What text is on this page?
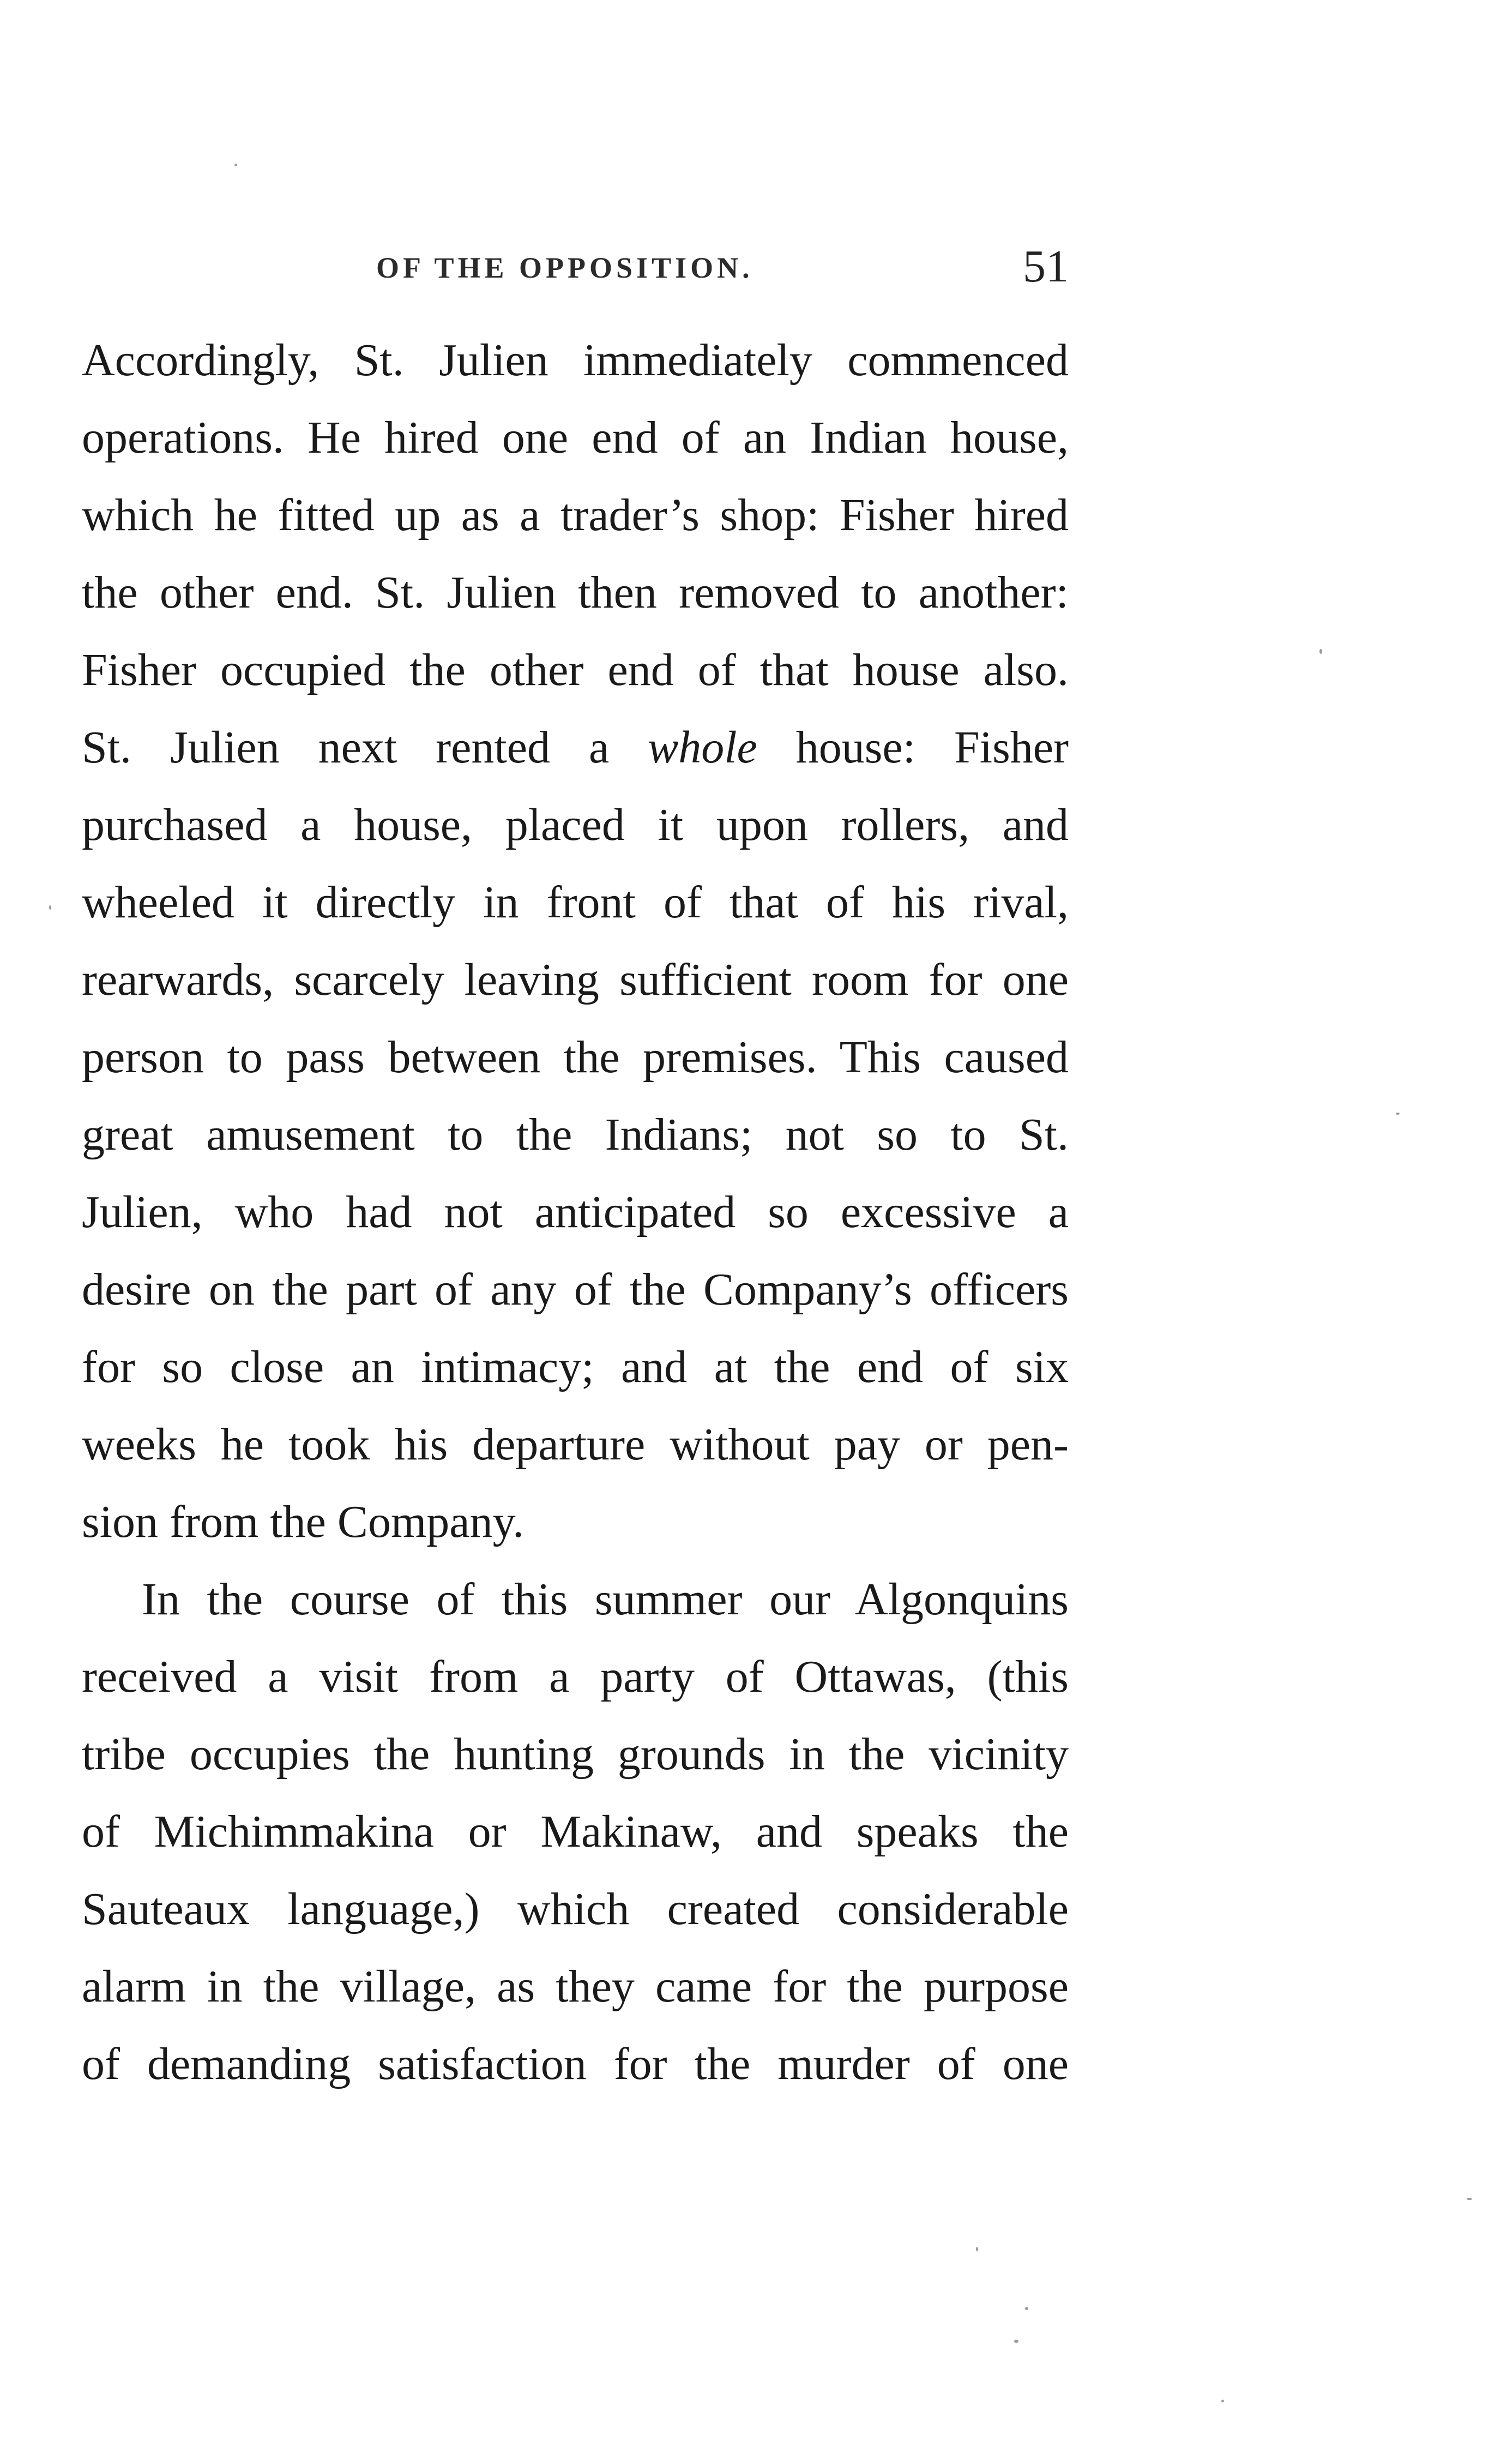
OF THE OPPOSITION.	51
Accordingly, St. Julien immediately commenced
operations. He hired one end of an Indian house,
which he fitted up as a trader’s shop: Fisher hired
the other end. St. Julien then removed to another:
Fisher occupied the other end of that house also.
St. Julien next rented a whole house: Fisher
purchased a house, placed it upon rollers, and
wheeled it directly in front of that of his rival,
rearwards, scarcely leaving sufficient room for one
person to pass between the premises. This caused
great amusement to the Indians; not so to St.
Julien, who had not anticipated so excessive a
desire on the part of any of the Company’s officers
for so close an intimacy; and at the end of six
weeks he took his departure without pay or pen-
sion from the Company.
In the course of this summer our Algonquins
received a visit from a party of Ottawas, (this
tribe occupies the hunting grounds in the vicinity
of Michimmakina or Makinaw, and speaks the
Sauteaux language,) which created considerable
alarm in the village, as they came for the purpose
of demanding satisfaction for the murder of one
